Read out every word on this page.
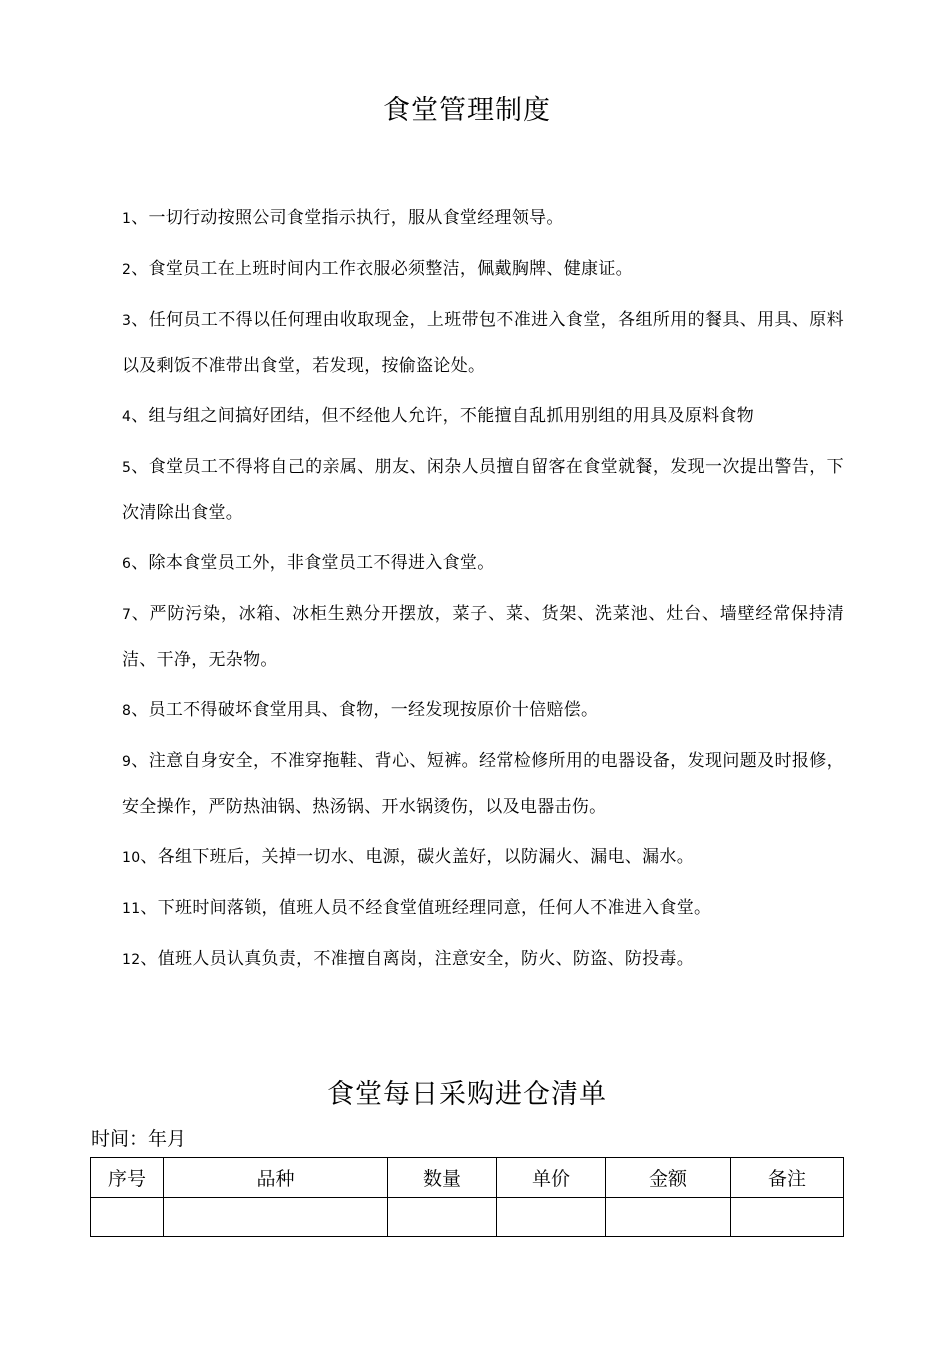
食堂管理制度

1、一切行动按照公司食堂指示执行，服从食堂经理领导。

2、食堂员工在上班时间内工作衣服必须整洁，佩戴胸牌、健康证。

3、任何员工不得以任何理由收取现金，上班带包不准进入食堂，各组所用的餐具、用具、原料以及剩饭不准带出食堂，若发现，按偷盗论处。

4、组与组之间搞好团结，但不经他人允许，不能擅自乱抓用别组的用具及原料食物

5、食堂员工不得将自己的亲属、朋友、闲杂人员擅自留客在食堂就餐，发现一次提出警告，下次清除出食堂。

6、除本食堂员工外，非食堂员工不得进入食堂。

7、严防污染，冰箱、冰柜生熟分开摆放，菜子、菜、货架、洗菜池、灶台、墙壁经常保持清洁、干净，无杂物。

8、员工不得破坏食堂用具、食物，一经发现按原价十倍赔偿。

9、注意自身安全，不准穿拖鞋、背心、短裤。经常检修所用的电器设备，发现问题及时报修，安全操作，严防热油锅、热汤锅、开水锅烫伤，以及电器击伤。

10、各组下班后，关掉一切水、电源，碳火盖好，以防漏火、漏电、漏水。

11、下班时间落锁，值班人员不经食堂值班经理同意，任何人不准进入食堂。

12、值班人员认真负责，不准擅自离岗，注意安全，防火、防盗、防投毒。

食堂每日采购进仓清单
时间：年月
序号	品种	数量	单价	金额	备注
